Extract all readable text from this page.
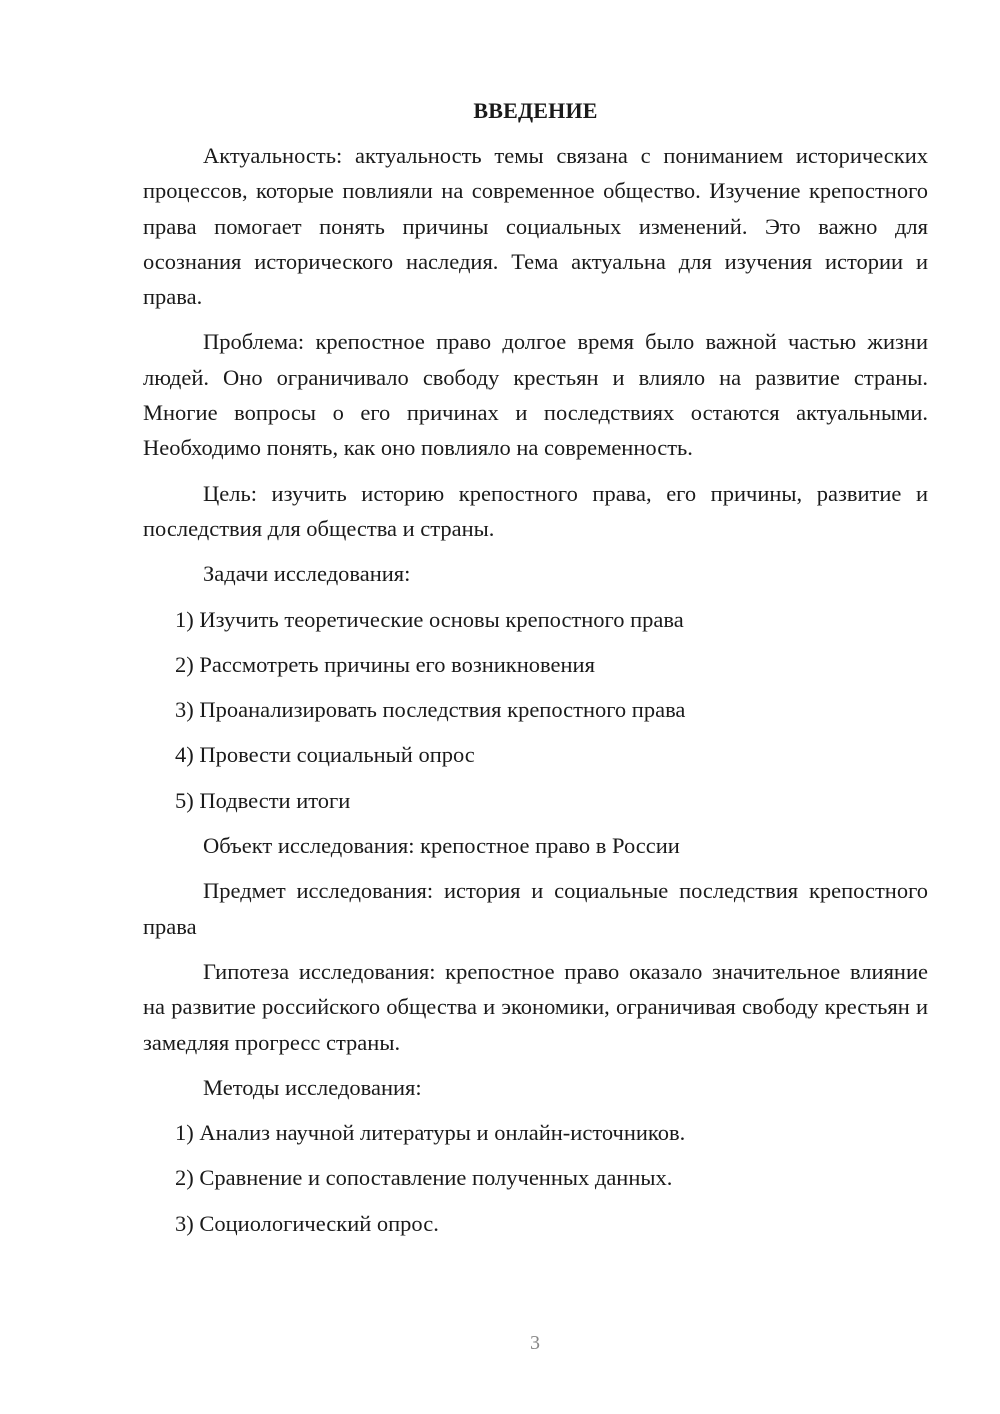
ВВЕДЕНИЕ

Актуальность: актуальность темы связана с пониманием исторических процессов, которые повлияли на современное общество. Изучение крепостного права помогает понять причины социальных изменений. Это важно для осознания исторического наследия. Тема актуальна для изучения истории и права.

Проблема: крепостное право долгое время было важной частью жизни людей. Оно ограничивало свободу крестьян и влияло на развитие страны. Многие вопросы о его причинах и последствиях остаются актуальными. Необходимо понять, как оно повлияло на современность.

Цель: изучить историю крепостного права, его причины, развитие и последствия для общества и страны.

Задачи исследования:

1) Изучить теоретические основы крепостного права
2) Рассмотреть причины его возникновения
3) Проанализировать последствия крепостного права
4) Провести социальный опрос
5) Подвести итоги

Объект исследования: крепостное право в России

Предмет исследования: история и социальные последствия крепостного права

Гипотеза исследования: крепостное право оказало значительное влияние на развитие российского общества и экономики, ограничивая свободу крестьян и замедляя прогресс страны.

Методы исследования:

1) Анализ научной литературы и онлайн-источников.
2) Сравнение и сопоставление полученных данных.
3) Социологический опрос.
3
